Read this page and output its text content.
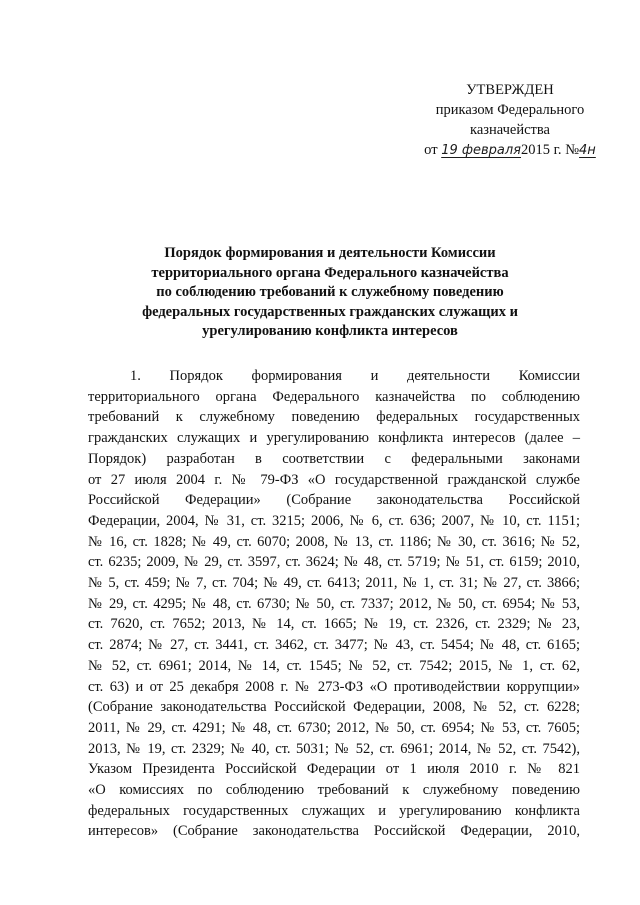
УТВЕРЖДЕН
приказом Федерального
казначейства
от 19 февраля2015 г. №4н
Порядок формирования и деятельности Комиссии
территориального органа Федерального казначейства
по соблюдению требований к служебному поведению
федеральных государственных гражданских служащих и
урегулированию конфликта интересов
1. Порядок формирования и деятельности Комиссии
территориального органа Федерального казначейства по соблюдению
требований к служебному поведению федеральных государственных
гражданских служащих и урегулированию конфликта интересов (далее –
Порядок) разработан в соответствии с федеральными законами
от 27 июля 2004 г. № 79-ФЗ «О государственной гражданской службе
Российской Федерации» (Собрание законодательства Российской
Федерации, 2004, № 31, ст. 3215; 2006, № 6, ст. 636; 2007, № 10, ст. 1151;
№ 16, ст. 1828; № 49, ст. 6070; 2008, № 13, ст. 1186; № 30, ст. 3616; № 52,
ст. 6235; 2009, № 29, ст. 3597, ст. 3624; № 48, ст. 5719; № 51, ст. 6159; 2010,
№ 5, ст. 459; № 7, ст. 704; № 49, ст. 6413; 2011, № 1, ст. 31; № 27, ст. 3866;
№ 29, ст. 4295; № 48, ст. 6730; № 50, ст. 7337; 2012, № 50, ст. 6954; № 53,
ст. 7620, ст. 7652; 2013, № 14, ст. 1665; № 19, ст. 2326, ст. 2329; № 23,
ст. 2874; № 27, ст. 3441, ст. 3462, ст. 3477; № 43, ст. 5454; № 48, ст. 6165;
№ 52, ст. 6961; 2014, № 14, ст. 1545; № 52, ст. 7542; 2015, № 1, ст. 62,
ст. 63) и от 25 декабря 2008 г. № 273-ФЗ «О противодействии коррупции»
(Собрание законодательства Российской Федерации, 2008, № 52, ст. 6228;
2011, № 29, ст. 4291; № 48, ст. 6730; 2012, № 50, ст. 6954; № 53, ст. 7605;
2013, № 19, ст. 2329; № 40, ст. 5031; № 52, ст. 6961; 2014, № 52, ст. 7542),
Указом Президента Российской Федерации от 1 июля 2010 г. № 821
«О комиссиях по соблюдению требований к служебному поведению
федеральных государственных служащих и урегулированию конфликта
интересов» (Собрание законодательства Российской Федерации, 2010,
